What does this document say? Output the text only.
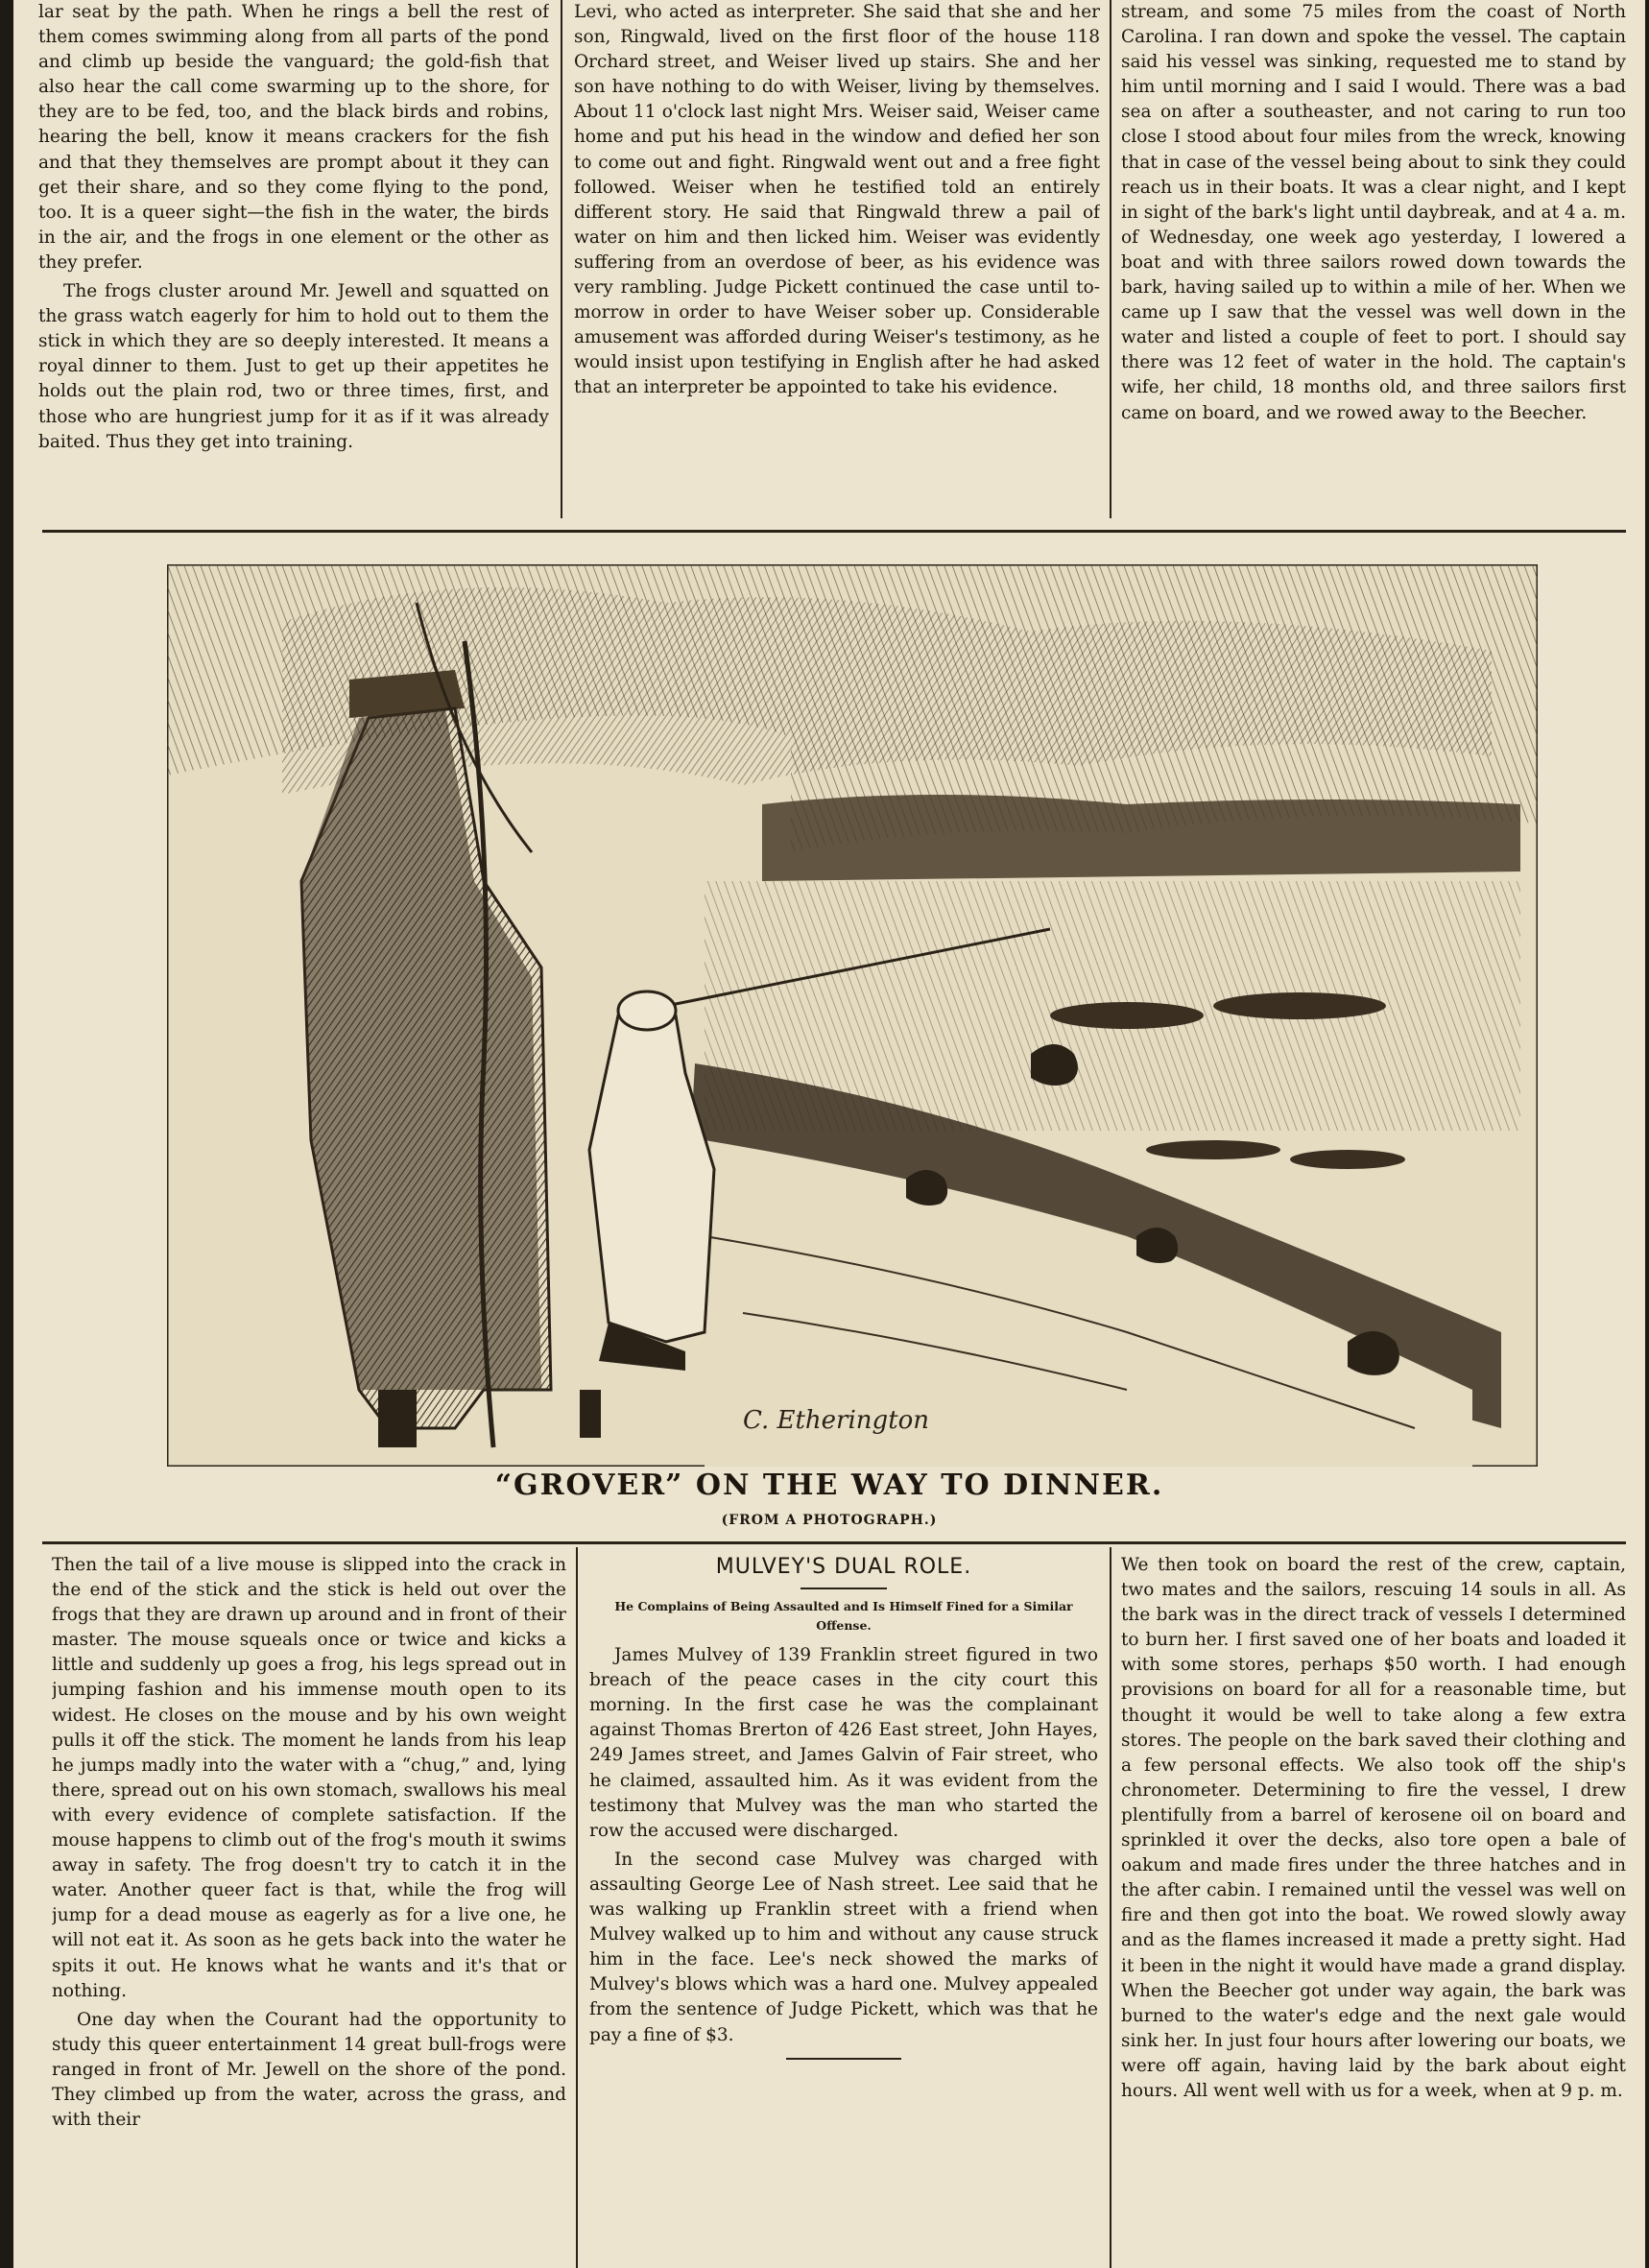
lar seat by the path. When he rings a bell the rest of them comes swimming along from all parts of the pond and climb up beside the vanguard; the gold-fish that also hear the call come swarming up to the shore, for they are to be fed, too, and the black birds and robins, hearing the bell, know it means crackers for the fish and that they themselves are prompt about it they can get their share, and so they come flying to the pond, too. It is a queer sight—the fish in the water, the birds in the air, and the frogs in one element or the other as they prefer.

The frogs cluster around Mr. Jewell and squatted on the grass watch eagerly for him to hold out to them the stick in which they are so deeply interested. It means a royal dinner to them. Just to get up their appetites he holds out the plain rod, two or three times, first, and those who are hungriest jump for it as if it was already baited. Thus they get into training.

Levi, who acted as interpreter. She said that she and her son, Ringwald, lived on the first floor of the house 118 Orchard street, and Weiser lived up stairs. She and her son have nothing to do with Weiser, living by themselves. About 11 o'clock last night Mrs. Weiser said, Weiser came home and put his head in the window and defied her son to come out and fight. Ringwald went out and a free fight followed. Weiser when he testified told an entirely different story. He said that Ringwald threw a pail of water on him and then licked him. Weiser was evidently suffering from an overdose of beer, as his evidence was very rambling. Judge Pickett continued the case until to-morrow in order to have Weiser sober up. Considerable amusement was afforded during Weiser's testimony, as he would insist upon testifying in English after he had asked that an interpreter be appointed to take his evidence.

stream, and some 75 miles from the coast of North Carolina. I ran down and spoke the vessel. The captain said his vessel was sinking, requested me to stand by him until morning and I said I would. There was a bad sea on after a southeaster, and not caring to run too close I stood about four miles from the wreck, knowing that in case of the vessel being about to sink they could reach us in their boats. It was a clear night, and I kept in sight of the bark's light until daybreak, and at 4 a. m. of Wednesday, one week ago yesterday, I lowered a boat and with three sailors rowed down towards the bark, having sailed up to within a mile of her. When we came up I saw that the vessel was well down in the water and listed a couple of feet to port. I should say there was 12 feet of water in the hold. The captain's wife, her child, 18 months old, and three sailors first came on board, and we rowed away to the Beecher.

C. Etherington
“GROVER” ON THE WAY TO DINNER.
(FROM A PHOTOGRAPH.)

Then the tail of a live mouse is slipped into the crack in the end of the stick and the stick is held out over the frogs that they are drawn up around and in front of their master. The mouse squeals once or twice and kicks a little and suddenly up goes a frog, his legs spread out in jumping fashion and his immense mouth open to its widest. He closes on the mouse and by his own weight pulls it off the stick. The moment he lands from his leap he jumps madly into the water with a “chug,” and, lying there, spread out on his own stomach, swallows his meal with every evidence of complete satisfaction. If the mouse happens to climb out of the frog's mouth it swims away in safety. The frog doesn't try to catch it in the water. Another queer fact is that, while the frog will jump for a dead mouse as eagerly as for a live one, he will not eat it. As soon as he gets back into the water he spits it out. He knows what he wants and it's that or nothing.

One day when the Courant had the opportunity to study this queer entertainment 14 great bull-frogs were ranged in front of Mr. Jewell on the shore of the pond. They climbed up from the water, across the grass, and with their

MULVEY'S DUAL ROLE.
He Complains of Being Assaulted and Is Himself Fined for a Similar Offense.

James Mulvey of 139 Franklin street figured in two breach of the peace cases in the city court this morning. In the first case he was the complainant against Thomas Brerton of 426 East street, John Hayes, 249 James street, and James Galvin of Fair street, who he claimed, assaulted him. As it was evident from the testimony that Mulvey was the man who started the row the accused were discharged.

In the second case Mulvey was charged with assaulting George Lee of Nash street. Lee said that he was walking up Franklin street with a friend when Mulvey walked up to him and without any cause struck him in the face. Lee's neck showed the marks of Mulvey's blows which was a hard one. Mulvey appealed from the sentence of Judge Pickett, which was that he pay a fine of $3.

We then took on board the rest of the crew, captain, two mates and the sailors, rescuing 14 souls in all. As the bark was in the direct track of vessels I determined to burn her. I first saved one of her boats and loaded it with some stores, perhaps $50 worth. I had enough provisions on board for all for a reasonable time, but thought it would be well to take along a few extra stores. The people on the bark saved their clothing and a few personal effects. We also took off the ship's chronometer. Determining to fire the vessel, I drew plentifully from a barrel of kerosene oil on board and sprinkled it over the decks, also tore open a bale of oakum and made fires under the three hatches and in the after cabin. I remained until the vessel was well on fire and then got into the boat. We rowed slowly away and as the flames increased it made a pretty sight. Had it been in the night it would have made a grand display. When the Beecher got under way again, the bark was burned to the water's edge and the next gale would sink her. In just four hours after lowering our boats, we were off again, having laid by the bark about eight hours. All went well with us for a week, when at 9 p. m.
